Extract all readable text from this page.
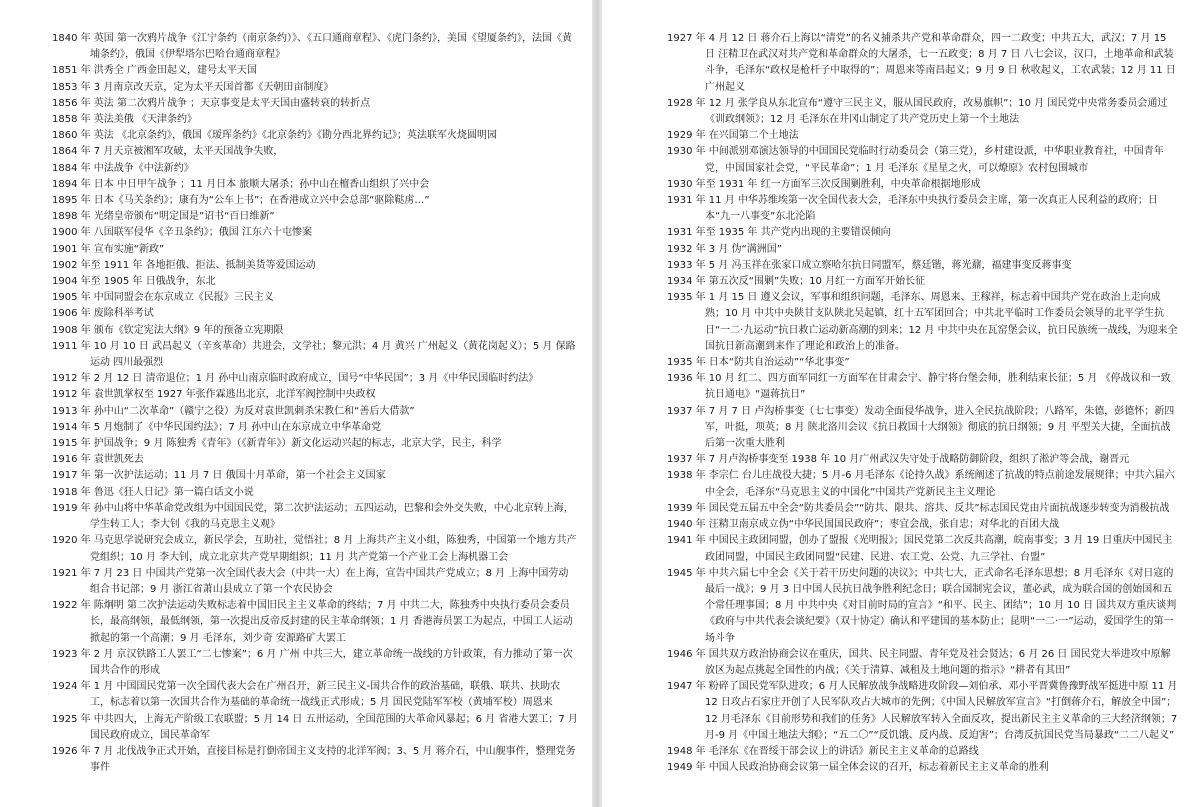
1840 年 英国 第一次鸦片战争《江宁条约（南京条约）》、《五口通商章程》、《虎门条约》，美国《望厦条约》，法国《黄埔条约》，俄国《伊犁塔尔巴哈台通商章程》

1851 年 洪秀全 广西金田起义，建号太平天国

1853 年 3 月南京改天京，定为太平天国首都《天朝田亩制度》

1856 年 英法 第二次鸦片战争 ；天京事变是太平天国由盛转衰的转折点

1858 年 英法美俄 《天津条约》

1860 年 英法 《北京条约》，俄国《瑷珲条约》《北京条约》《勘分西北界约记》；英法联军火烧圆明园

1864 年 7 月天京被湘军攻破，太平天国战争失败，

1884 年 中法战争《中法新约》

1894 年 日本 中日甲午战争 ；11 月日本 旅顺大屠杀；孙中山在檀香山组织了兴中会

1895 年 日本《马关条约》；康有为“公车上书”；在香港成立兴中会总部“驱除鞑虏…”

1898 年 光绪皇帝颁布“明定国是”诏书“百日维新”

1900 年 八国联军侵华《辛丑条约》；俄国 江东六十屯惨案

1901 年 宣布实施“新政”

1902 年至 1911 年 各地拒俄、拒法、抵制美货等爱国运动

1904 年至 1905 年 日俄战争，东北

1905 年 中国同盟会在东京成立《民报》三民主义

1906 年 废除科举考试

1908 年 颁布《钦定宪法大纲》9 年的预备立宪期限

1911 年 10 月 10 日 武昌起义（辛亥革命）共进会，文学社；黎元洪；4 月 黄兴 广州起义（黄花岗起义）；5 月 保路运动 四川最强烈

1912 年 2 月 12 日 清帝退位；1 月 孙中山南京临时政府成立，国号“中华民国”；3 月《中华民国临时约法》

1912 年 袁世凯掌权至 1927 年张作霖逃出北京，北洋军阀控制中央政权

1913 年 孙中山“二次革命”（赣宁之役）为反对袁世凯刺杀宋教仁和“善后大借款”

1914 年 5 月炮制了《中华民国约法》；7 月 孙中山在东京成立中华革命党

1915 年 护国战争；9 月 陈独秀《青年》（《新青年》）新文化运动兴起的标志，北京大学，民主，科学

1916 年 袁世凯死去

1917 年 第一次护法运动；11 月 7 日 俄国十月革命，第一个社会主义国家

1918 年 鲁迅《狂人日记》第一篇白话文小说

1919 年 孙中山将中华革命党改组为中国国民党，第二次护法运动；五四运动，巴黎和会外交失败，中心北京转上海，学生转工人；李大钊《我的马克思主义观》

1920 年 马克思学说研究会成立，新民学会，互助社，觉悟社；8 月 上海共产主义小组，陈独秀，中国第一个地方共产党组织；10 月 李大钊，成立北京共产党早期组织；11 月 共产党第一个产业工会上海机器工会

1921 年 7 月 23 日 中国共产党第一次全国代表大会（中共一大）在上海，宣告中国共产党成立；8 月 上海中国劳动组合书记部；9 月 浙江省萧山县成立了第一个农民协会

1922 年 陈炯明 第二次护法运动失败标志着中国旧民主主义革命的终结；7 月 中共二大，陈独秀中央执行委员会委员长，最高纲领，最低纲领，第一次提出反帝反封建的民主革命纲领；1 月 香港海员罢工为起点，中国工人运动掀起的第一个高潮；9 月 毛泽东，刘少奇 安源路矿大罢工

1923 年 2 月 京汉铁路工人罢工“二七惨案”；6 月 广州 中共三大，建立革命统一战线的方针政策，有力推动了第一次国共合作的形成

1924 年 1 月 中国国民党第一次全国代表大会在广州召开，新三民主义-国共合作的政治基础，联俄、联共、扶助农工，标志着以第一次国共合作为基础的革命统一战线正式形成；5 月 国民党陆军军校（黄埔军校）周恩来

1925 年 中共四大，上海无产阶级工农联盟；5 月 14 日 五卅运动，全国范围的大革命风暴起；6 月 省港大罢工；7 月 国民政府成立，国民革命军

1926 年 7 月 北伐战争正式开始，直接目标是打倒帝国主义支持的北洋军阀；3、5 月 蒋介石，中山舰事件，整理党务事件

1927 年 4 月 12 日 蒋介石上海以“清党”的名义捕杀共产党和革命群众，四一二政变；中共五大，武汉；7 月 15 日 汪精卫在武汉对共产党和革命群众的大屠杀，七一五政变；8 月 7 日 八七会议，汉口，土地革命和武装斗争，毛泽东“政权是枪杆子中取得的”；周恩来等南昌起义；9 月 9 日 秋收起义，工农武装；12 月 11 日 广州起义

1928 年 12 月 张学良从东北宣布“遵守三民主义，服从国民政府，改易旗帜”；10 月 国民党中央常务委员会通过《训政纲领》；12 月 毛泽东在井冈山制定了共产党历史上第一个土地法

1929 年 在兴国第二个土地法

1930 年 中间派别邓演达领导的中国国民党临时行动委员会（第三党），乡村建设派，中华职业教育社，中国青年党，中国国家社会党，“平民革命”；1 月 毛泽东《星星之火，可以燎原》农村包围城市

1930 年至 1931 年 红一方面军三次反围剿胜利，中央革命根据地形成

1931 年 11 月 中华苏维埃第一次全国代表大会，毛泽东中央执行委员会主席，第一次真正人民利益的政府；日本“九一八事变”东北沦陷

1931 年至 1935 年 共产党内出现的主要错误倾向

1932 年 3 月 伪“满洲国”

1933 年 5 月 冯玉祥在张家口成立察哈尔抗日同盟军，蔡廷锴，蒋光鼐，福建事变反蒋事变

1934 年 第五次反“围剿”失败；10 月红一方面军开始长征

1935 年 1 月 15 日 遵义会议，军事和组织问题，毛泽东、周恩来、王稼祥，标志着中国共产党在政治上走向成熟；10 月 中共中央陕甘支队陕北吴起镇，红十五军团回合；中共北平临时工作委员会领导的北平学生抗日“一二·九运动”抗日救亡运动新高潮的到来；12 月 中共中央在瓦窑堡会议，抗日民族统一战线，为迎来全国抗日新高潮到来作了理论和政治上的准备。

1935 年 日本“防共自治运动”“华北事变”

1936 年 10 月 红二、四方面军同红一方面军在甘肃会宁、静宁将台堡会师，胜利结束长征；5 月 《停战议和一致抗日通电》“逼蒋抗日”

1937 年 7 月 7 日 卢沟桥事变（七七事变）发动全面侵华战争，进入全民抗战阶段；八路军，朱德，彭德怀；新四军，叶挺，项英；8 月 陕北洛川会议《抗日救国十大纲领》彻底的抗日纲领；9 月 平型关大捷，全面抗战后第一次重大胜利

1937 年 7 月卢沟桥事变至 1938 年 10 月广州武汉失守处于战略防御阶段，组织了淞沪等会战，谢晋元

1938 年 李宗仁 台儿庄战役大捷；5 月-6 月毛泽东《论持久战》系统阐述了抗战的特点前途发展规律；中共六届六中全会，毛泽东“马克思主义的中国化”中国共产党新民主主义理论

1939 年 国民党五届五中全会“防共委员会”“防共、限共、溶共、反共”标志国民党由片面抗战逐步转变为消极抗战

1940 年 汪精卫南京成立伪“中华民国国民政府”；枣宜会战，张自忠；对华北的百团大战

1941 年 中国民主政团同盟，创办了盟报《光明报》；国民党第二次反共高潮，皖南事变；3 月 19 日重庆中国民主政团同盟，中国民主政团同盟“民建、民进、农工党、公党、九三学社、台盟”

1945 年 中共六届七中全会《关于若干历史问题的决议》；中共七大，正式命名毛泽东思想；8 月毛泽东《对日寇的最后一战》；9 月 3 日中国人民抗日战争胜利纪念日；联合国制宪会议，董必武，成为联合国的创始国和五个常任理事国；8 月 中共中央《对目前时局的宣言》“和平、民主、团结”；10 月 10 日 国共双方重庆谈判《政府与中共代表会谈纪要》（双十协定）确认和平建国的基本防止；昆明“一二·一”运动，爱国学生的第一场斗争

1946 年 国共双方政治协商会议在重庆，国共、民主同盟、青年党及社会贤达；6 月 26 日 国民党大举进攻中原解放区为起点挑起全国性的内战；《关于清算、减租及土地问题的指示》“耕者有其田”

1947 年 粉碎了国民党军队进攻；6 月人民解放战争战略进攻阶段—刘伯承、邓小平晋冀鲁豫野战军挺进中原 11 月 12 日攻占石家庄开创了人民军队攻占大城市的先例；《中国人民解放军宣言》“打倒蒋介石，解放全中国”；12 月毛泽东《目前形势和我们的任务》人民解放军转入全面反攻，提出新民主主义革命的三大经济纲领；7 月-9 月《中国土地法大纲》；“五二〇”“反饥饿、反内战、反迫害”；台湾反抗国民党当局暴政“二二八起义”

1948 年 毛泽东《在晋绥干部会议上的讲话》新民主主义革命的总路线

1949 年 中国人民政治协商会议第一届全体会议的召开，标志着新民主主义革命的胜利
